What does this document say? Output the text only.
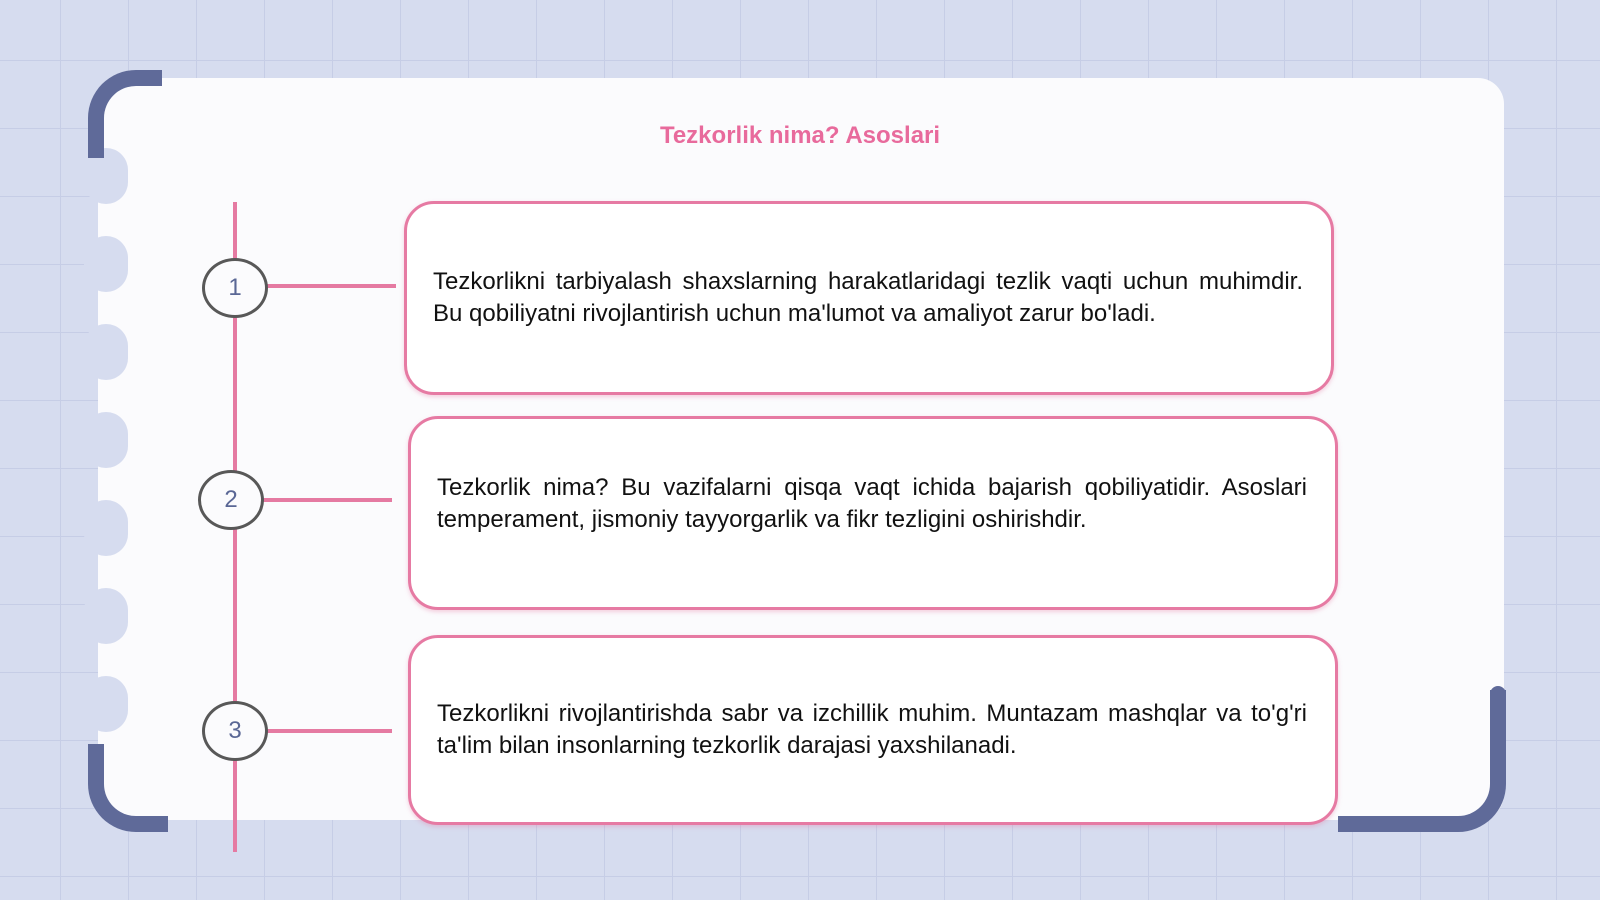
Tezkorlik nima? Asoslari
1
2
3
Tezkorlikni tarbiyalash shaxslarning harakatlaridagi tezlik vaqti uchun muhimdir. Bu qobiliyatni rivojlantirish uchun ma'lumot va amaliyot zarur bo'ladi.
Tezkorlik nima? Bu vazifalarni qisqa vaqt ichida bajarish qobiliyatidir. Asoslari temperament, jismoniy tayyorgarlik va fikr tezligini oshirishdir.
Tezkorlikni rivojlantirishda sabr va izchillik muhim. Muntazam mashqlar va to'g'ri ta'lim bilan insonlarning tezkorlik darajasi yaxshilanadi.
